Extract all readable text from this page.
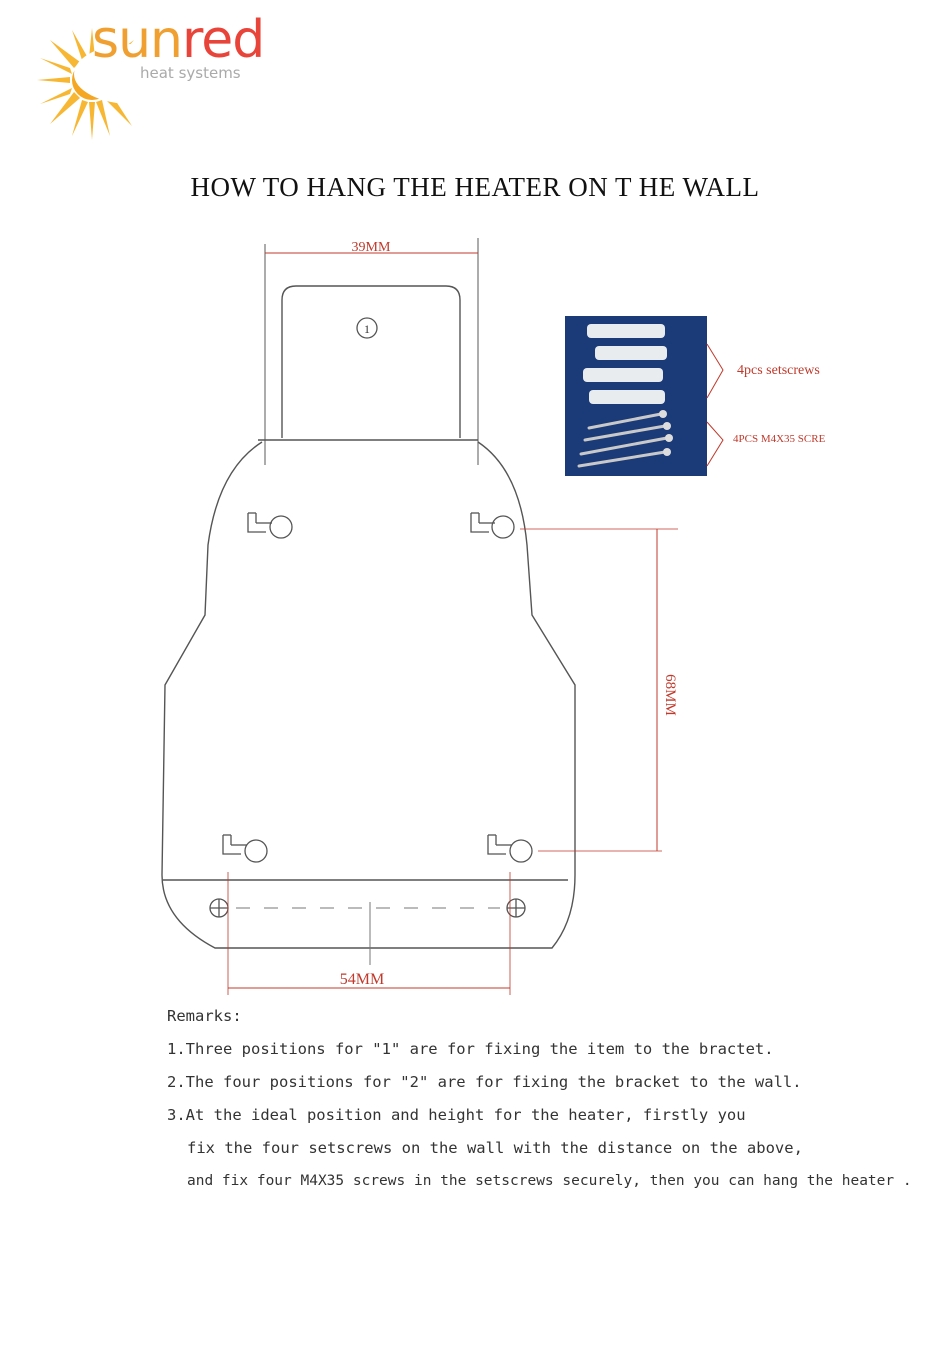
sunred
heat systems
HOW TO HANG THE HEATER ON T HE WALL
39MM
1
68MM
54MM
4pcs setscrews
4PCS M4X35 SCRE
Remarks:
1.Three positions for "1" are for fixing the item to the bractet.
2.The four positions for "2" are for fixing the bracket to the wall.
3.At the ideal position and height for the heater, firstly you
fix the four setscrews on the wall with the distance on the above,
and fix four M4X35 screws in the setscrews securely, then you can hang the heater .
